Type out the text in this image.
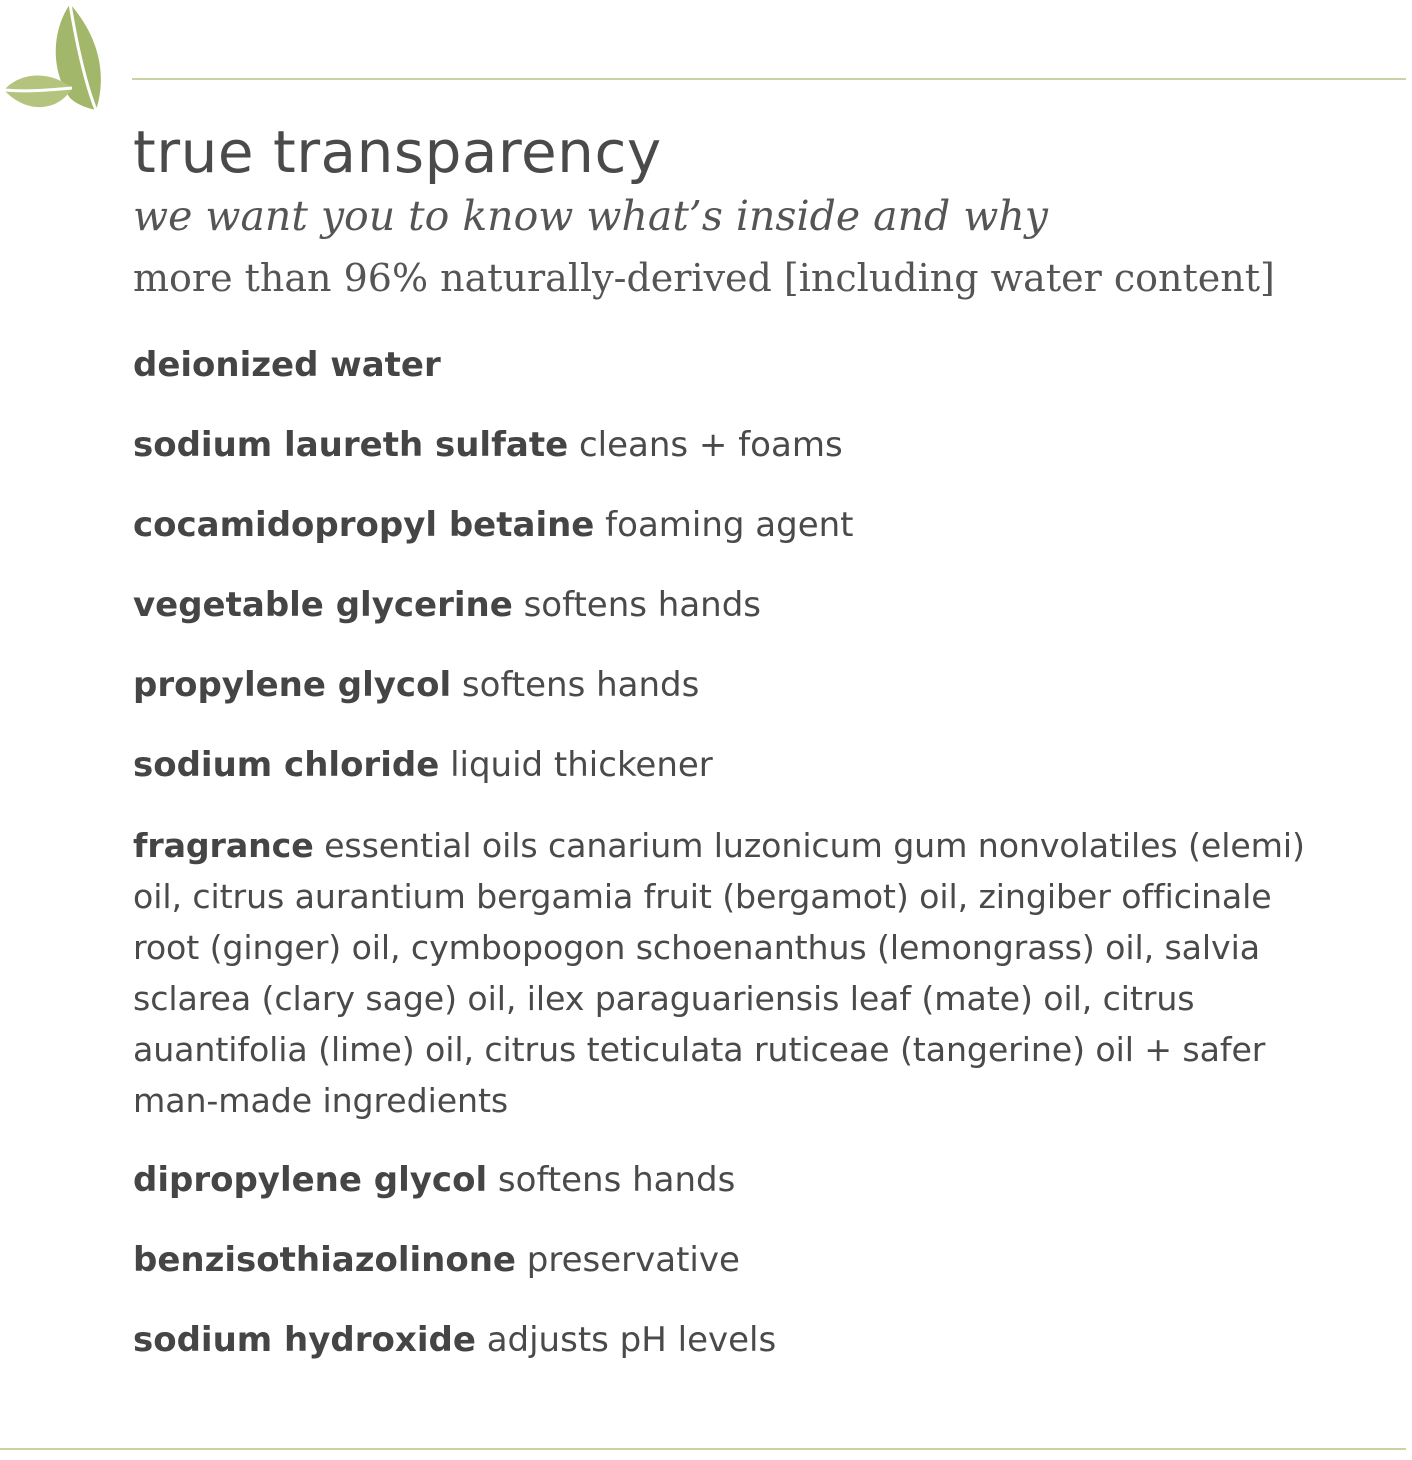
true transparency

we want you to know what’s inside and why

more than 96% naturally-derived [including water content]

deionized water
sodium laureth sulfate cleans + foams
cocamidopropyl betaine foaming agent
vegetable glycerine softens hands
propylene glycol softens hands
sodium chloride liquid thickener
fragrance essential oils canarium luzonicum gum nonvolatiles (elemi) oil, citrus aurantium bergamia fruit (bergamot) oil, zingiber officinale root (ginger) oil, cymbopogon schoenanthus (lemongrass) oil, salvia sclarea (clary sage) oil, ilex paraguariensis leaf (mate) oil, citrus auantifolia (lime) oil, citrus teticulata ruticeae (tangerine) oil + safer man-made ingredients
dipropylene glycol softens hands
benzisothiazolinone preservative
sodium hydroxide adjusts pH levels
